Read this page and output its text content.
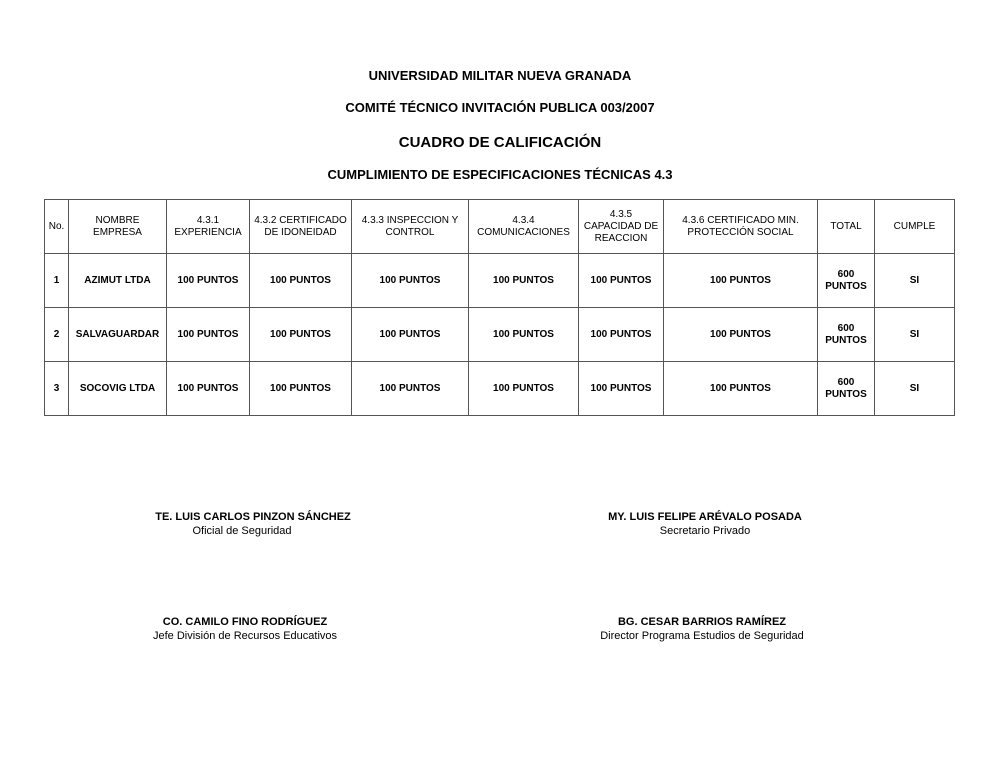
UNIVERSIDAD MILITAR NUEVA GRANADA
COMITÉ TÉCNICO INVITACIÓN PUBLICA 003/2007
CUADRO DE CALIFICACIÓN
CUMPLIMIENTO DE ESPECIFICACIONES TÉCNICAS 4.3
No.	NOMBRE EMPRESA	4.3.1 EXPERIENCIA	4.3.2 CERTIFICADO DE IDONEIDAD	4.3.3 INSPECCION Y CONTROL	4.3.4 COMUNICACIONES	4.3.5 CAPACIDAD DE REACCION	4.3.6 CERTIFICADO MIN. PROTECCIÓN SOCIAL	TOTAL	CUMPLE
1	AZIMUT LTDA	100 PUNTOS	100 PUNTOS	100 PUNTOS	100 PUNTOS	100 PUNTOS	100 PUNTOS	600 PUNTOS	SI
2	SALVAGUARDAR	100 PUNTOS	100 PUNTOS	100 PUNTOS	100 PUNTOS	100 PUNTOS	100 PUNTOS	600 PUNTOS	SI
3	SOCOVIG LTDA	100 PUNTOS	100 PUNTOS	100 PUNTOS	100 PUNTOS	100 PUNTOS	100 PUNTOS	600 PUNTOS	SI
TE. LUIS CARLOS PINZON SÁNCHEZ
Oficial de Seguridad
MY. LUIS FELIPE ARÉVALO POSADA
Secretario Privado
CO. CAMILO FINO RODRÍGUEZ
Jefe División de Recursos Educativos
BG. CESAR BARRIOS RAMÍREZ
Director Programa Estudios de Seguridad
